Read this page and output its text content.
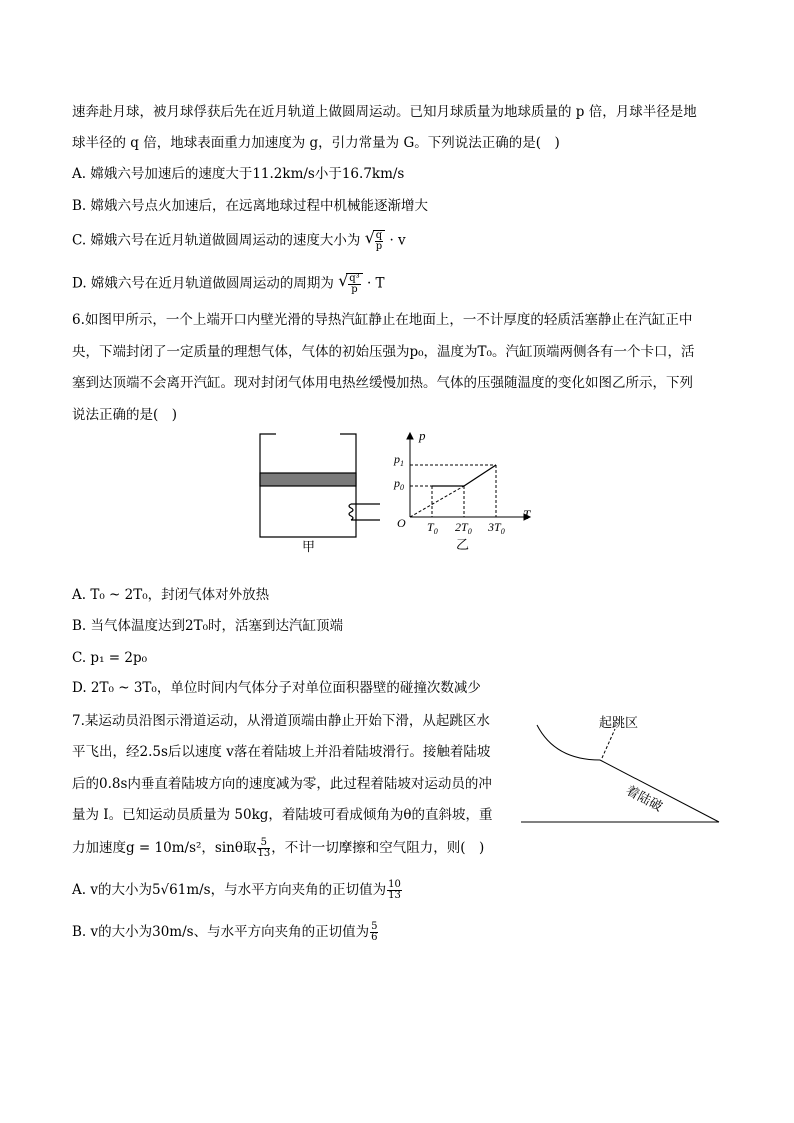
速奔赴月球，被月球俘获后先在近月轨道上做圆周运动。已知月球质量为地球质量的 p 倍，月球半径是地
球半径的 q 倍，地球表面重力加速度为 g，引力常量为 G。下列说法正确的是(　)
A. 嫦娥六号加速后的速度大于11.2km/s小于16.7km/s
B. 嫦娥六号点火加速后，在远离地球过程中机械能逐渐增大
C. 嫦娥六号在近月轨道做圆周运动的速度大小为 √ $\frac{q}{p} \cdot v$
D. 嫦娥六号在近月轨道做圆周运动的周期为 √ $\frac{\text{q³}}{p} \cdot T$
6.如图甲所示，一个上端开口内壁光滑的导热汽缸静止在地面上，一不计厚度的轻质活塞静止在汽缸正中
央，下端封闭了一定质量的理想气体，气体的初始压强为p₀，温度为T₀。汽缸顶端两侧各有一个卡口，活
塞到达顶端不会离开汽缸。现对封闭气体用电热丝缓慢加热。气体的压强随温度的变化如图乙所示，下列
说法正确的是(　)
甲
p
T
O
$p_1$
$p_0$
$T_0$ $2T_0$ $3T_0$
乙
A. T₀ ~ 2T₀，封闭气体对外放热
B. 当气体温度达到2T₀时，活塞到达汽缸顶端
C. p₁ = 2p₀
D. 2T₀ ~ 3T₀，单位时间内气体分子对单位面积器壁的碰撞次数减少
7.某运动员沿图示滑道运动，从滑道顶端由静止开始下滑，从起跳区水
平飞出，经2.5s后以速度 v落在着陆坡上并沿着陆坡滑行。接触着陆坡
后的0.8s内垂直着陆坡方向的速度减为零，此过程着陆坡对运动员的冲
量为 I。已知运动员质量为 50kg，着陆坡可看成倾角为θ的直斜坡，重
力加速度g = 10m/s²，sinθ取 $\frac{5}{13}$ ，不计一切摩擦和空气阻力，则(　)
起跳区
着陆破
A. v的大小为5√61m/s，与水平方向夹角的正切值为 $\frac{10}{13}$
B. v的大小为30m/s、与水平方向夹角的正切值为 $\frac{5}{6}$
